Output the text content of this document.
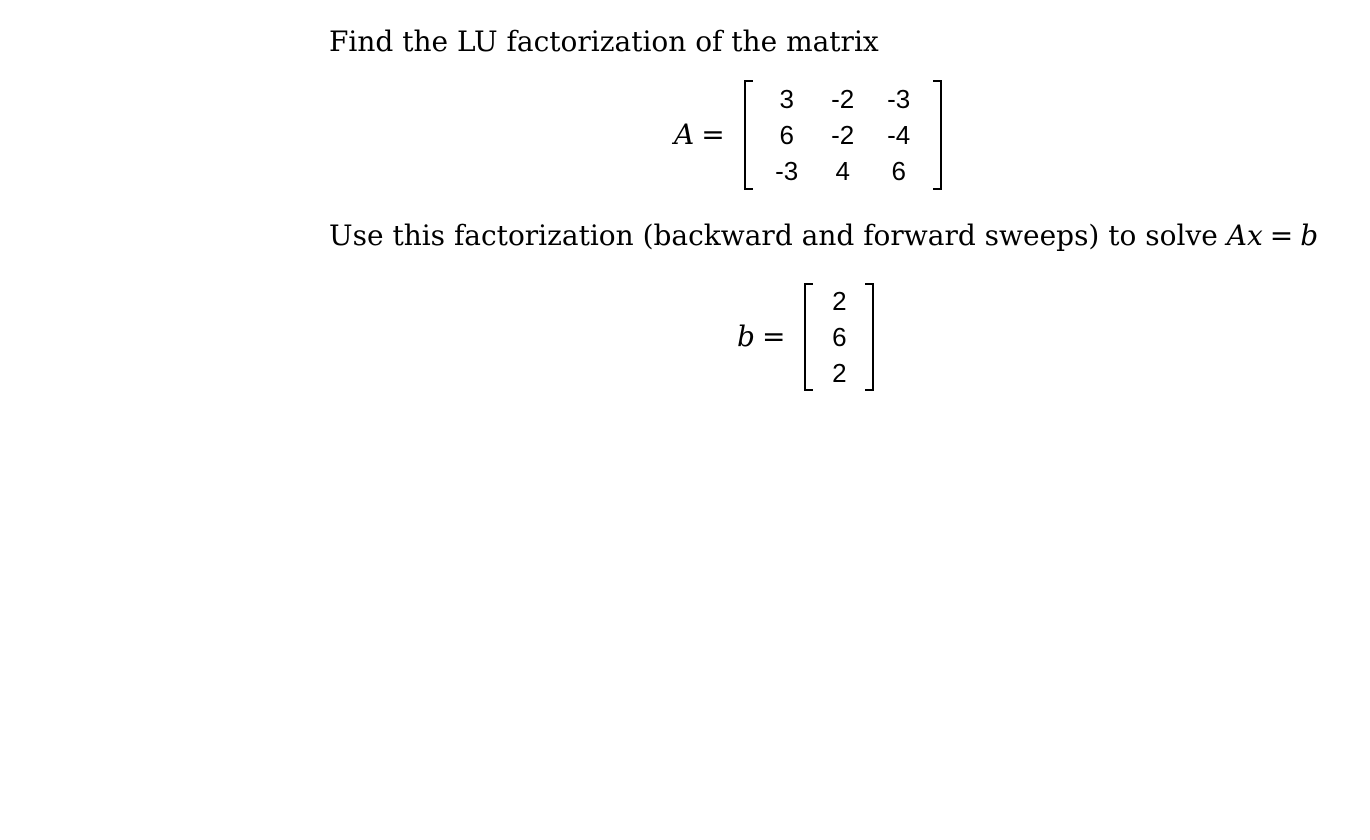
Find the LU factorization of the matrix
A =
3	-2	-3
6	-2	-4
-3	4	6
Use this factorization (backward and forward sweeps) to solve Ax = b
b =
2
6
2
